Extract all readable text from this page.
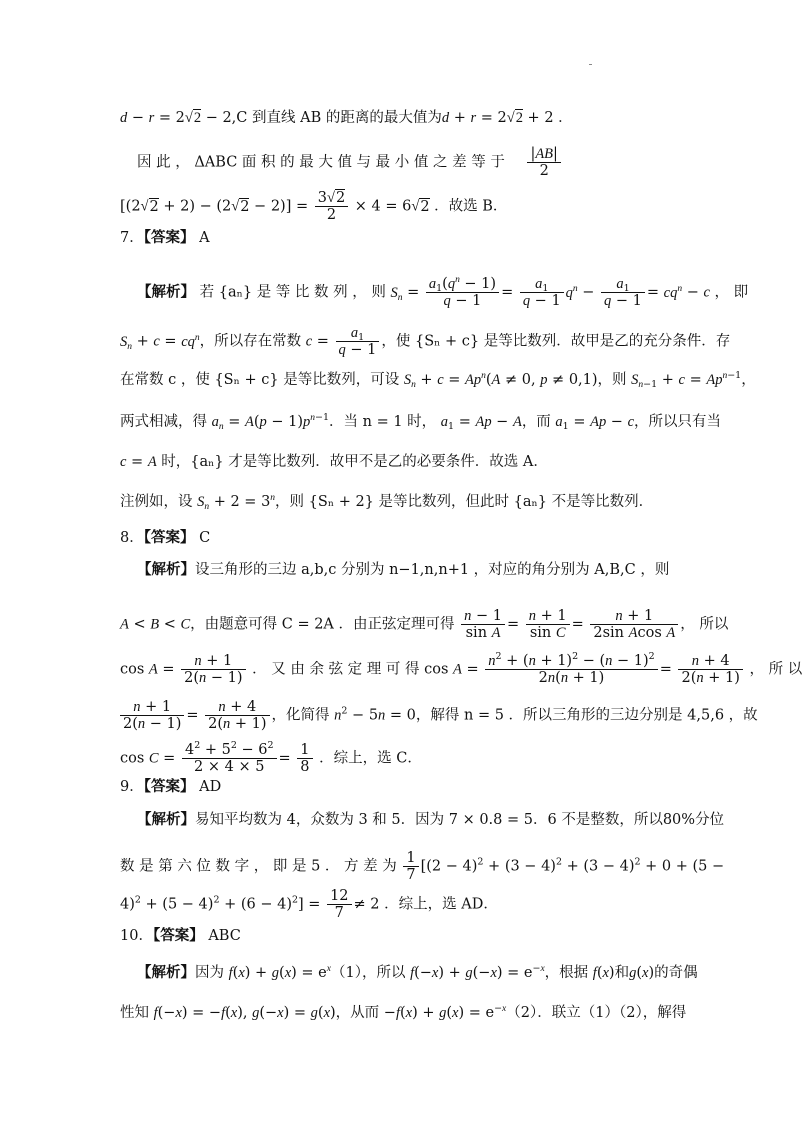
d − r = 2√2 − 2,C 到直线 AB 的距离的最大值为d + r = 2√2 + 2 ．
因 此 ， ΔABC 面 积 的 最 大 值 与 最 小 值 之 差 等 于 $\frac{|AB|}{2}$
$[(2√2 + 2) - (2√2 - 2)] = \frac{3√2}{2} \times 4 = 6√2$ ．故选 B．
7．【答案】 A
【解析】 若 {aₙ} 是 等 比 数 列 ， 则 $S_n = \frac{a_1(q^n - 1)}{q - 1} = \frac{a_1}{q - 1} q^n - \frac{a_1}{q - 1} = cq^n - c$ ， 即
$S_n + c = cq^n$，所以存在常数 $c = \frac{a_1}{q - 1}$ ，使 {Sₙ + c} 是等比数列．故甲是乙的充分条件．存
在常数 c ，使 {Sₙ + c} 是等比数列，可设 $S_n + c = Ap^n(A \ne 0$, p ≠ 0,1)，则 $S_{n-1} + c = Ap^{n-1}$，
两式相减，得 $a_n = A(p - 1)p^{n-1}$．当 n = 1 时， $a_1 = Ap - A$，而 $a_1 = Ap - c$，所以只有当
c = A 时，{aₙ} 才是等比数列．故甲不是乙的必要条件．故选 A．
注例如，设 $S_n + 2 = 3^n$，则 {Sₙ + 2} 是等比数列，但此时 {aₙ} 不是等比数列．
8．【答案】 C
【解析】设三角形的三边 a,b,c 分别为 n−1,n,n+1 ，对应的角分别为 A,B,C ，则
A < B < C，由题意可得 C = 2A ．由正弦定理可得 $\frac{n - 1}{\text{sin A}} = \frac{n + 1}{\text{sin C}} = \frac{n + 1}{\text{2sin Acos A}}$ ， 所以
$\cos A = \frac{n + 1}{2(n - 1)}$ ． 又 由 余 弦 定 理 可 得 $\cos A = \frac{n^2 + (n + 1)^2 - (n - 1)^2}{2n(n + 1)} = \frac{n + 4}{2(n + 1)}$ ， 所 以
$\frac{n + 1}{2(n - 1)} = \frac{n + 4}{2(n + 1)}$ ，化简得 $n^2 - 5n = 0$，解得 n = 5 ．所以三角形的三边分别是 4,5,6 ，故
$\cos C = \frac{4^2 + 5^2 - 6^2}{2 \times 4 \times 5} = \frac{1}{8}$ ．综上，选 C．
9．【答案】 AD
【解析】易知平均数为 4，众数为 3 和 5．因为 7 × 0.8 = 5．6 不是整数，所以80%分位
数 是 第 六 位 数 字 ， 即 是 5 ． 方 差 为 $\frac{1}{7} [(2 - 4)^2 + (3 - 4)^2 + (3 - 4)^2 + 0 + (5$ −
$4)^2 + (5 - 4)^2 + (6 - 4)^2] = \frac{12}{7} \ne 2$ ．综上，选 AD．
10．【答案】 ABC
【解析】因为 $f(x) + g(x) = e^x(1)$，所以 $f(-x) + g(-x) = e^{-x}$，根据 f(x)和g(x)的奇偶
性知 f(−x) = −f(x), g(−x) = g(x)，从而 $-f(x) + g(x) = e^{-x}(2)$．联立（1）（2），解得
